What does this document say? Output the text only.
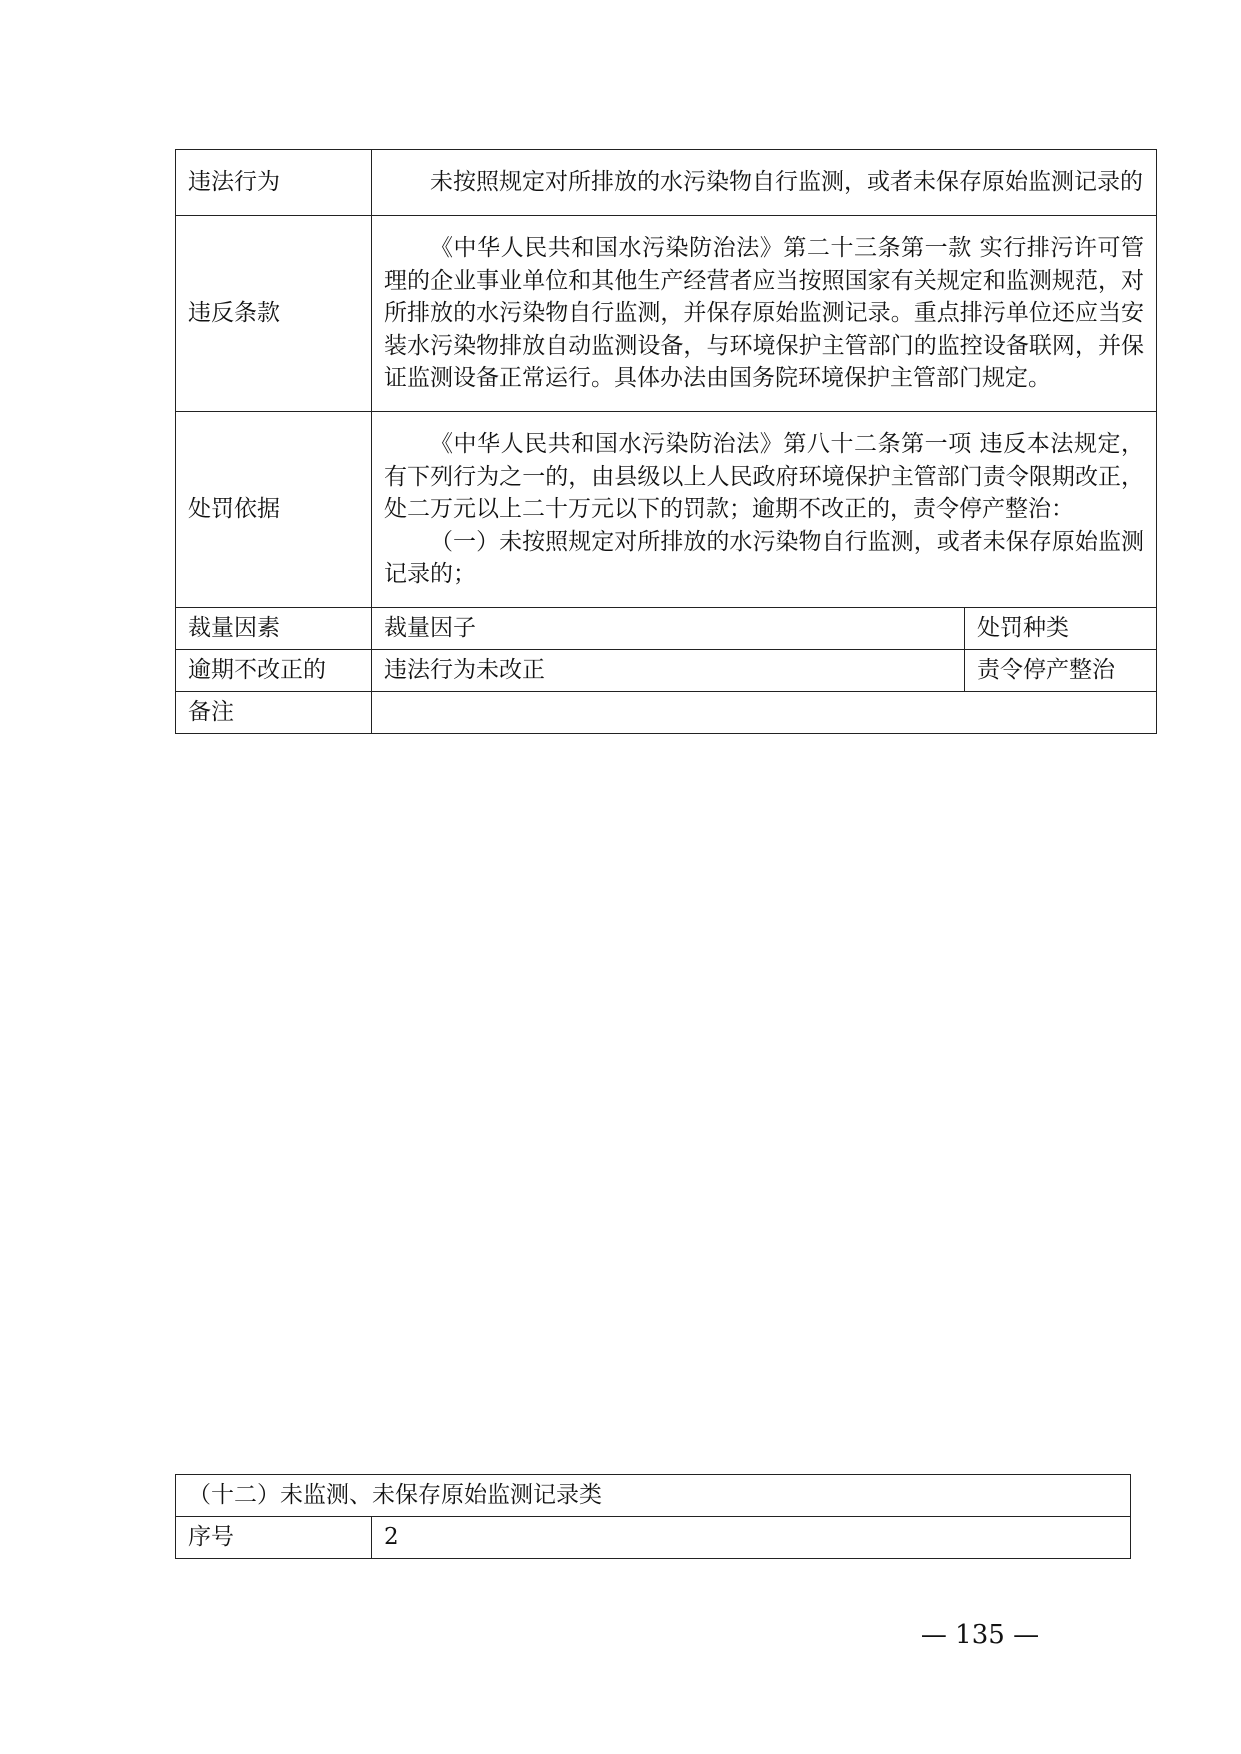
违法行为	未按照规定对所排放的水污染物自行监测，或者未保存原始监测记录的	
违反条款	《中华人民共和国水污染防治法》第二十三条第一款 实行排污许可管理的企业事业单位和其他生产经营者应当按照国家有关规定和监测规范，对所排放的水污染物自行监测，并保存原始监测记录。重点排污单位还应当安装水污染物排放自动监测设备，与环境保护主管部门的监控设备联网，并保证监测设备正常运行。具体办法由国务院环境保护主管部门规定。	
处罚依据	《中华人民共和国水污染防治法》第八十二条第一项 违反本法规定，有下列行为之一的，由县级以上人民政府环境保护主管部门责令限期改正，处二万元以上二十万元以下的罚款；逾期不改正的，责令停产整治：
（一）未按照规定对所排放的水污染物自行监测，或者未保存原始监测记录的；	

裁量因素	裁量因子	处罚种类
逾期不改正的	违法行为未改正	责令停产整治
备注		
（十二）未监测、未保存原始监测记录类
序号	2
— 135 —
